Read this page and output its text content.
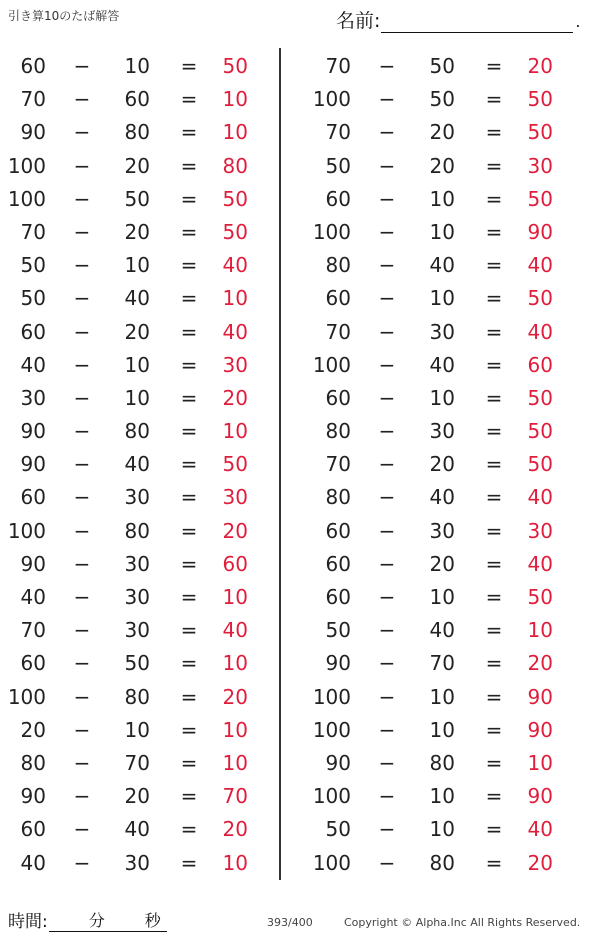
引き算10のたば解答	名前:	.
60 −	10 =	50
70 −	60 =	10
90 −	80 =	10
100 −	20 =	80
100 −	50 =	50
70 −	20 =	50
50 −	10 =	40
50 −	40 =	10
60 −	20 =	40
40 −	10 =	30
30 −	10 =	20
90 −	80 =	10
90 −	40 =	50
60 −	30 =	30
100 −	80 =	20
90 −	30 =	60
40 −	30 =	10
70 −	30 =	40
60 −	50 =	10
100 −	80 =	20
20 −	10 =	10
80 −	70 =	10
90 −	20 =	70
60 −	40 =	20
40 −	30 =	10
70 −	50 =	20
100 −	50 =	50
70 −	20 =	50
50 −	20 =	30
60 −	10 =	50
100 −	10 =	90
80 −	40 =	40
60 −	10 =	50
70 −	30 =	40
100 −	40 =	60
60 −	10 =	50
80 −	30 =	50
70 −	20 =	50
80 −	40 =	40
60 −	30 =	30
60 −	20 =	40
60 −	10 =	50
50 −	40 =	10
90 −	70 =	20
100 −	10 =	90
100 −	10 =	90
90 −	80 =	10
100 −	10 =	90
50 −	10 =	40
100 −	80 =	20
時間:	分 秒	393/400	Copyright © Alpha.Inc All Rights Reserved.
